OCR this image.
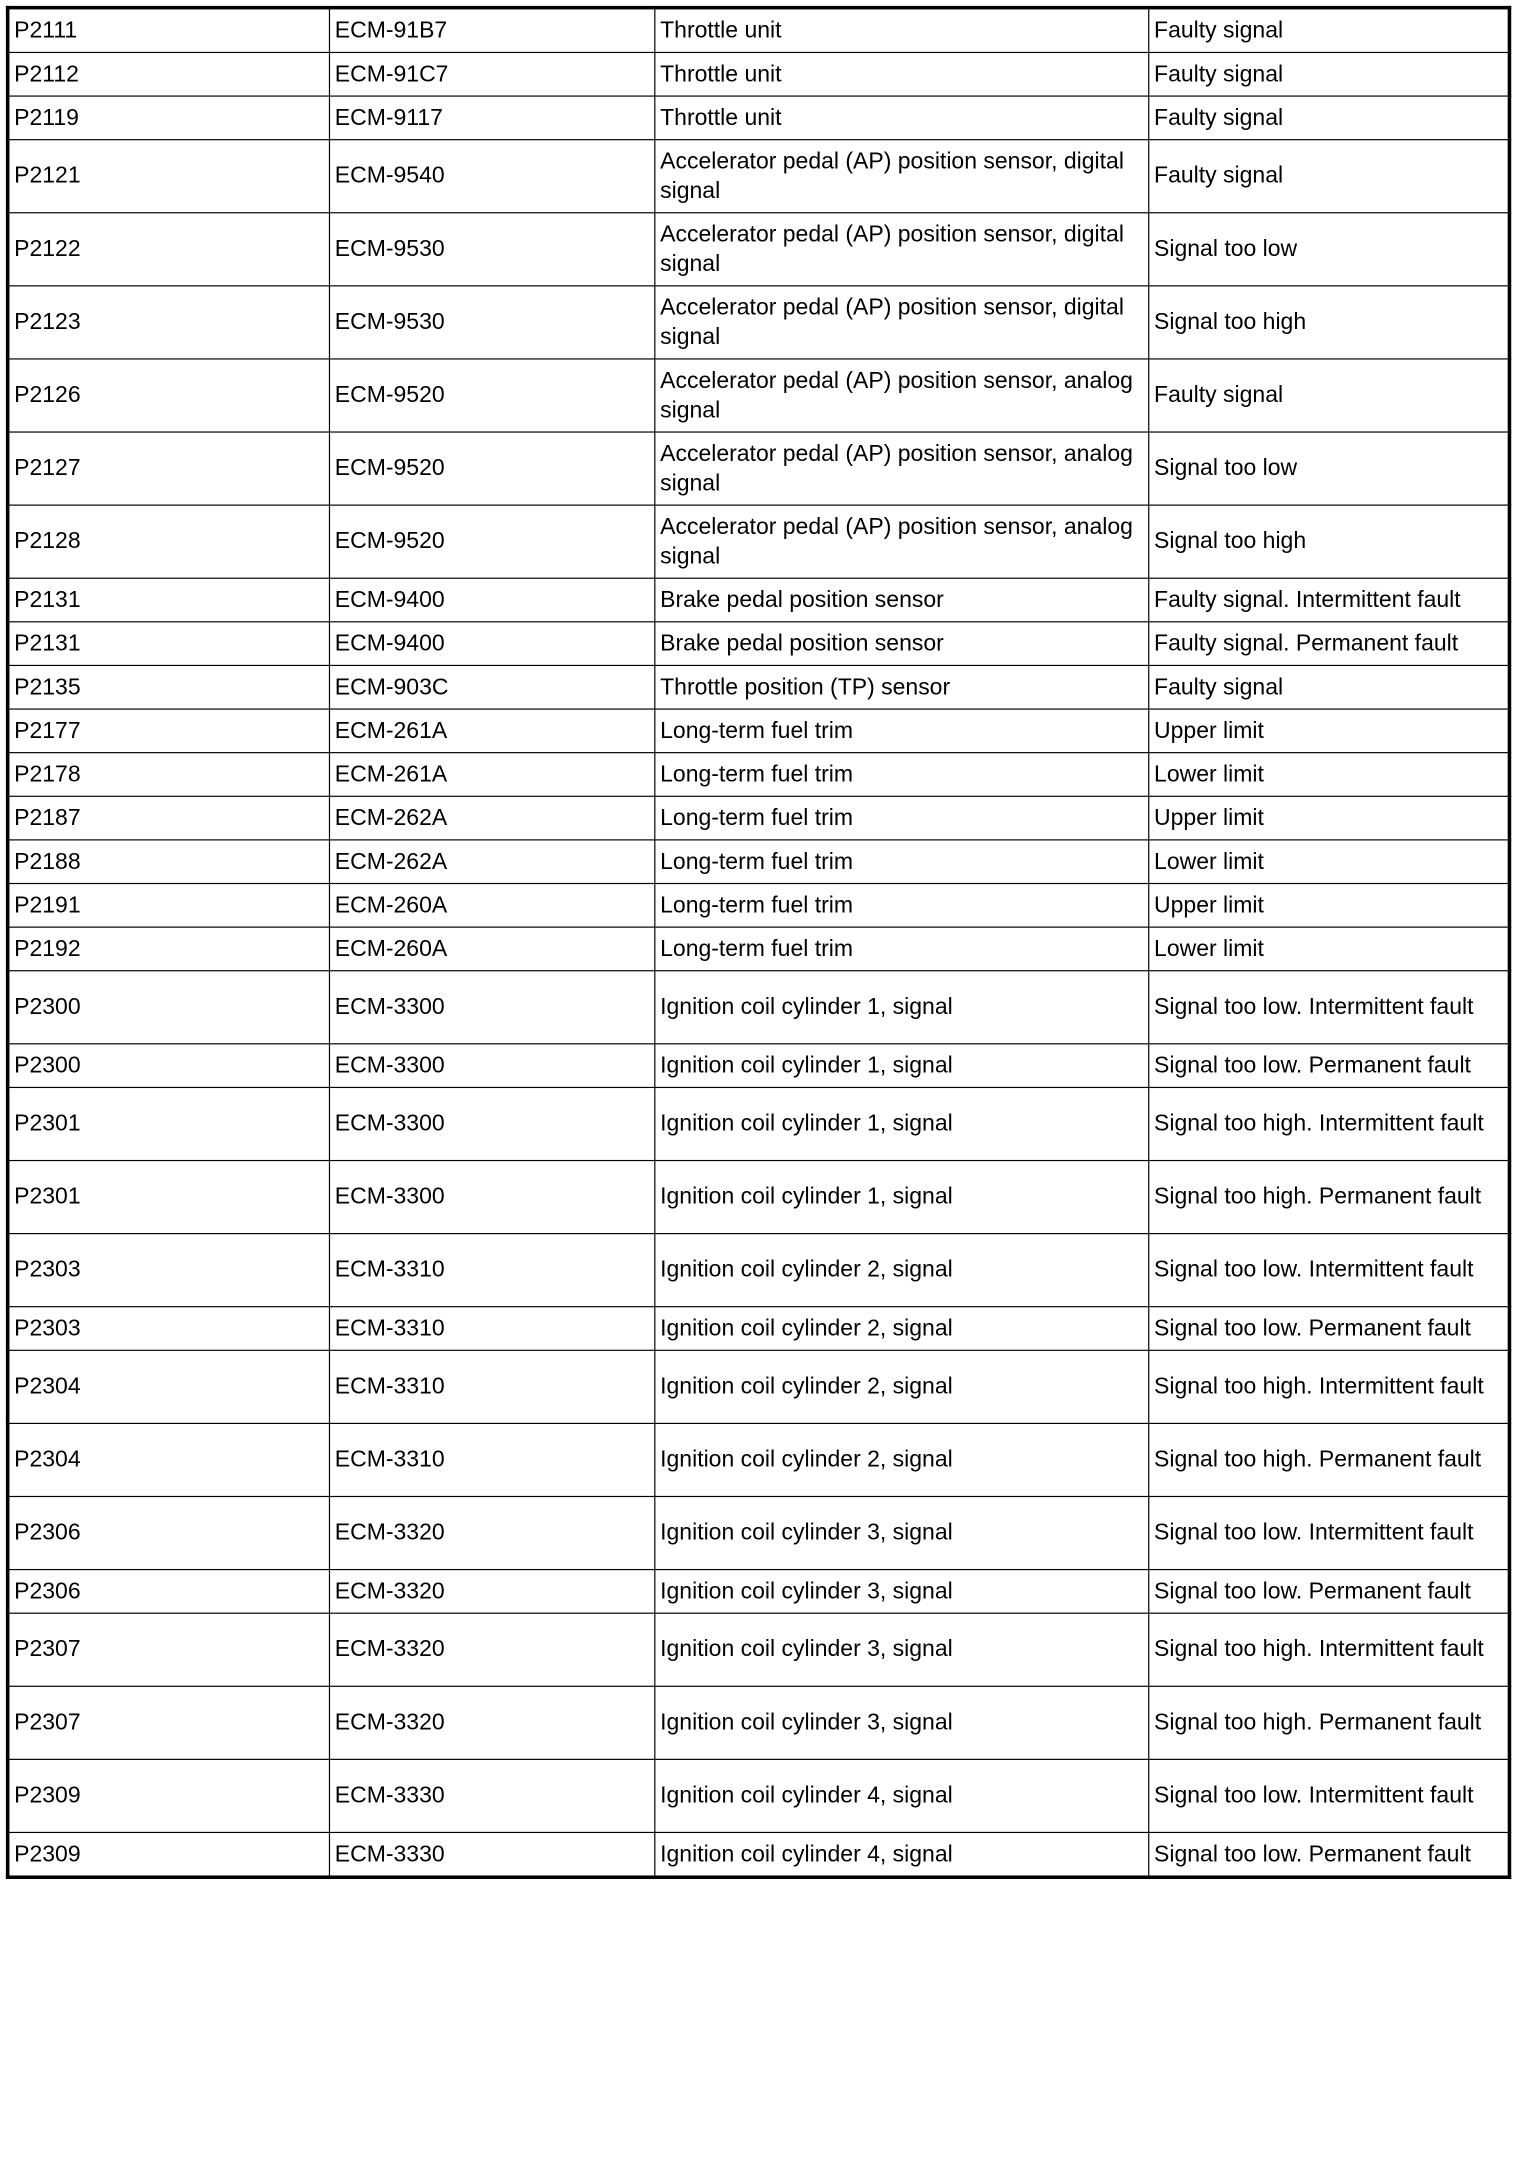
P2111	ECM-91B7	Throttle unit	Faulty signal
P2112	ECM-91C7	Throttle unit	Faulty signal
P2119	ECM-9117	Throttle unit	Faulty signal
P2121	ECM-9540	Accelerator pedal (AP) position sensor, digital signal	Faulty signal
P2122	ECM-9530	Accelerator pedal (AP) position sensor, digital signal	Signal too low
P2123	ECM-9530	Accelerator pedal (AP) position sensor, digital signal	Signal too high
P2126	ECM-9520	Accelerator pedal (AP) position sensor, analog signal	Faulty signal
P2127	ECM-9520	Accelerator pedal (AP) position sensor, analog signal	Signal too low
P2128	ECM-9520	Accelerator pedal (AP) position sensor, analog signal	Signal too high
P2131	ECM-9400	Brake pedal position sensor	Faulty signal. Intermittent fault
P2131	ECM-9400	Brake pedal position sensor	Faulty signal. Permanent fault
P2135	ECM-903C	Throttle position (TP) sensor	Faulty signal
P2177	ECM-261A	Long-term fuel trim	Upper limit
P2178	ECM-261A	Long-term fuel trim	Lower limit
P2187	ECM-262A	Long-term fuel trim	Upper limit
P2188	ECM-262A	Long-term fuel trim	Lower limit
P2191	ECM-260A	Long-term fuel trim	Upper limit
P2192	ECM-260A	Long-term fuel trim	Lower limit
P2300	ECM-3300	Ignition coil cylinder 1, signal	Signal too low. Intermittent fault
P2300	ECM-3300	Ignition coil cylinder 1, signal	Signal too low. Permanent fault
P2301	ECM-3300	Ignition coil cylinder 1, signal	Signal too high. Intermittent fault
P2301	ECM-3300	Ignition coil cylinder 1, signal	Signal too high. Permanent fault
P2303	ECM-3310	Ignition coil cylinder 2, signal	Signal too low. Intermittent fault
P2303	ECM-3310	Ignition coil cylinder 2, signal	Signal too low. Permanent fault
P2304	ECM-3310	Ignition coil cylinder 2, signal	Signal too high. Intermittent fault
P2304	ECM-3310	Ignition coil cylinder 2, signal	Signal too high. Permanent fault
P2306	ECM-3320	Ignition coil cylinder 3, signal	Signal too low. Intermittent fault
P2306	ECM-3320	Ignition coil cylinder 3, signal	Signal too low. Permanent fault
P2307	ECM-3320	Ignition coil cylinder 3, signal	Signal too high. Intermittent fault
P2307	ECM-3320	Ignition coil cylinder 3, signal	Signal too high. Permanent fault
P2309	ECM-3330	Ignition coil cylinder 4, signal	Signal too low. Intermittent fault
P2309	ECM-3330	Ignition coil cylinder 4, signal	Signal too low. Permanent fault
